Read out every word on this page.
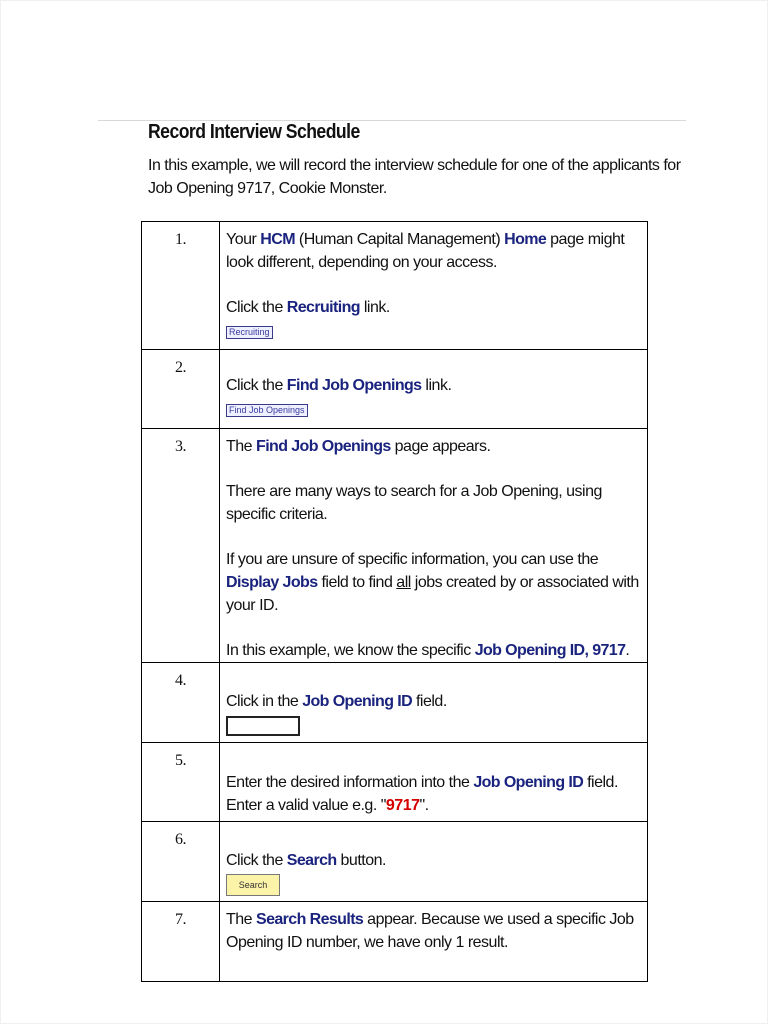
Record Interview Schedule

In this example, we will record the interview schedule for one of the applicants for Job Opening 9717, Cookie Monster.

1.	Your HCM (Human Capital Management) Home page might look different, depending on your access.

Click the Recruiting link.

Recruiting
2.	Click the Find Job Openings link.

Find Job Openings
3.	The Find Job Openings page appears.

There are many ways to search for a Job Opening, using specific criteria.

If you are unsure of specific information, you can use the Display Jobs field to find all jobs created by or associated with your ID.

In this example, we know the specific Job Opening ID, 9717.

4.	Click in the Job Opening ID field.

5.	Enter the desired information into the Job Opening ID field. Enter a valid value e.g. "9717".

6.	Click the Search button.

Search
7.	The Search Results appear. Because we used a specific Job Opening ID number, we have only 1 result.
